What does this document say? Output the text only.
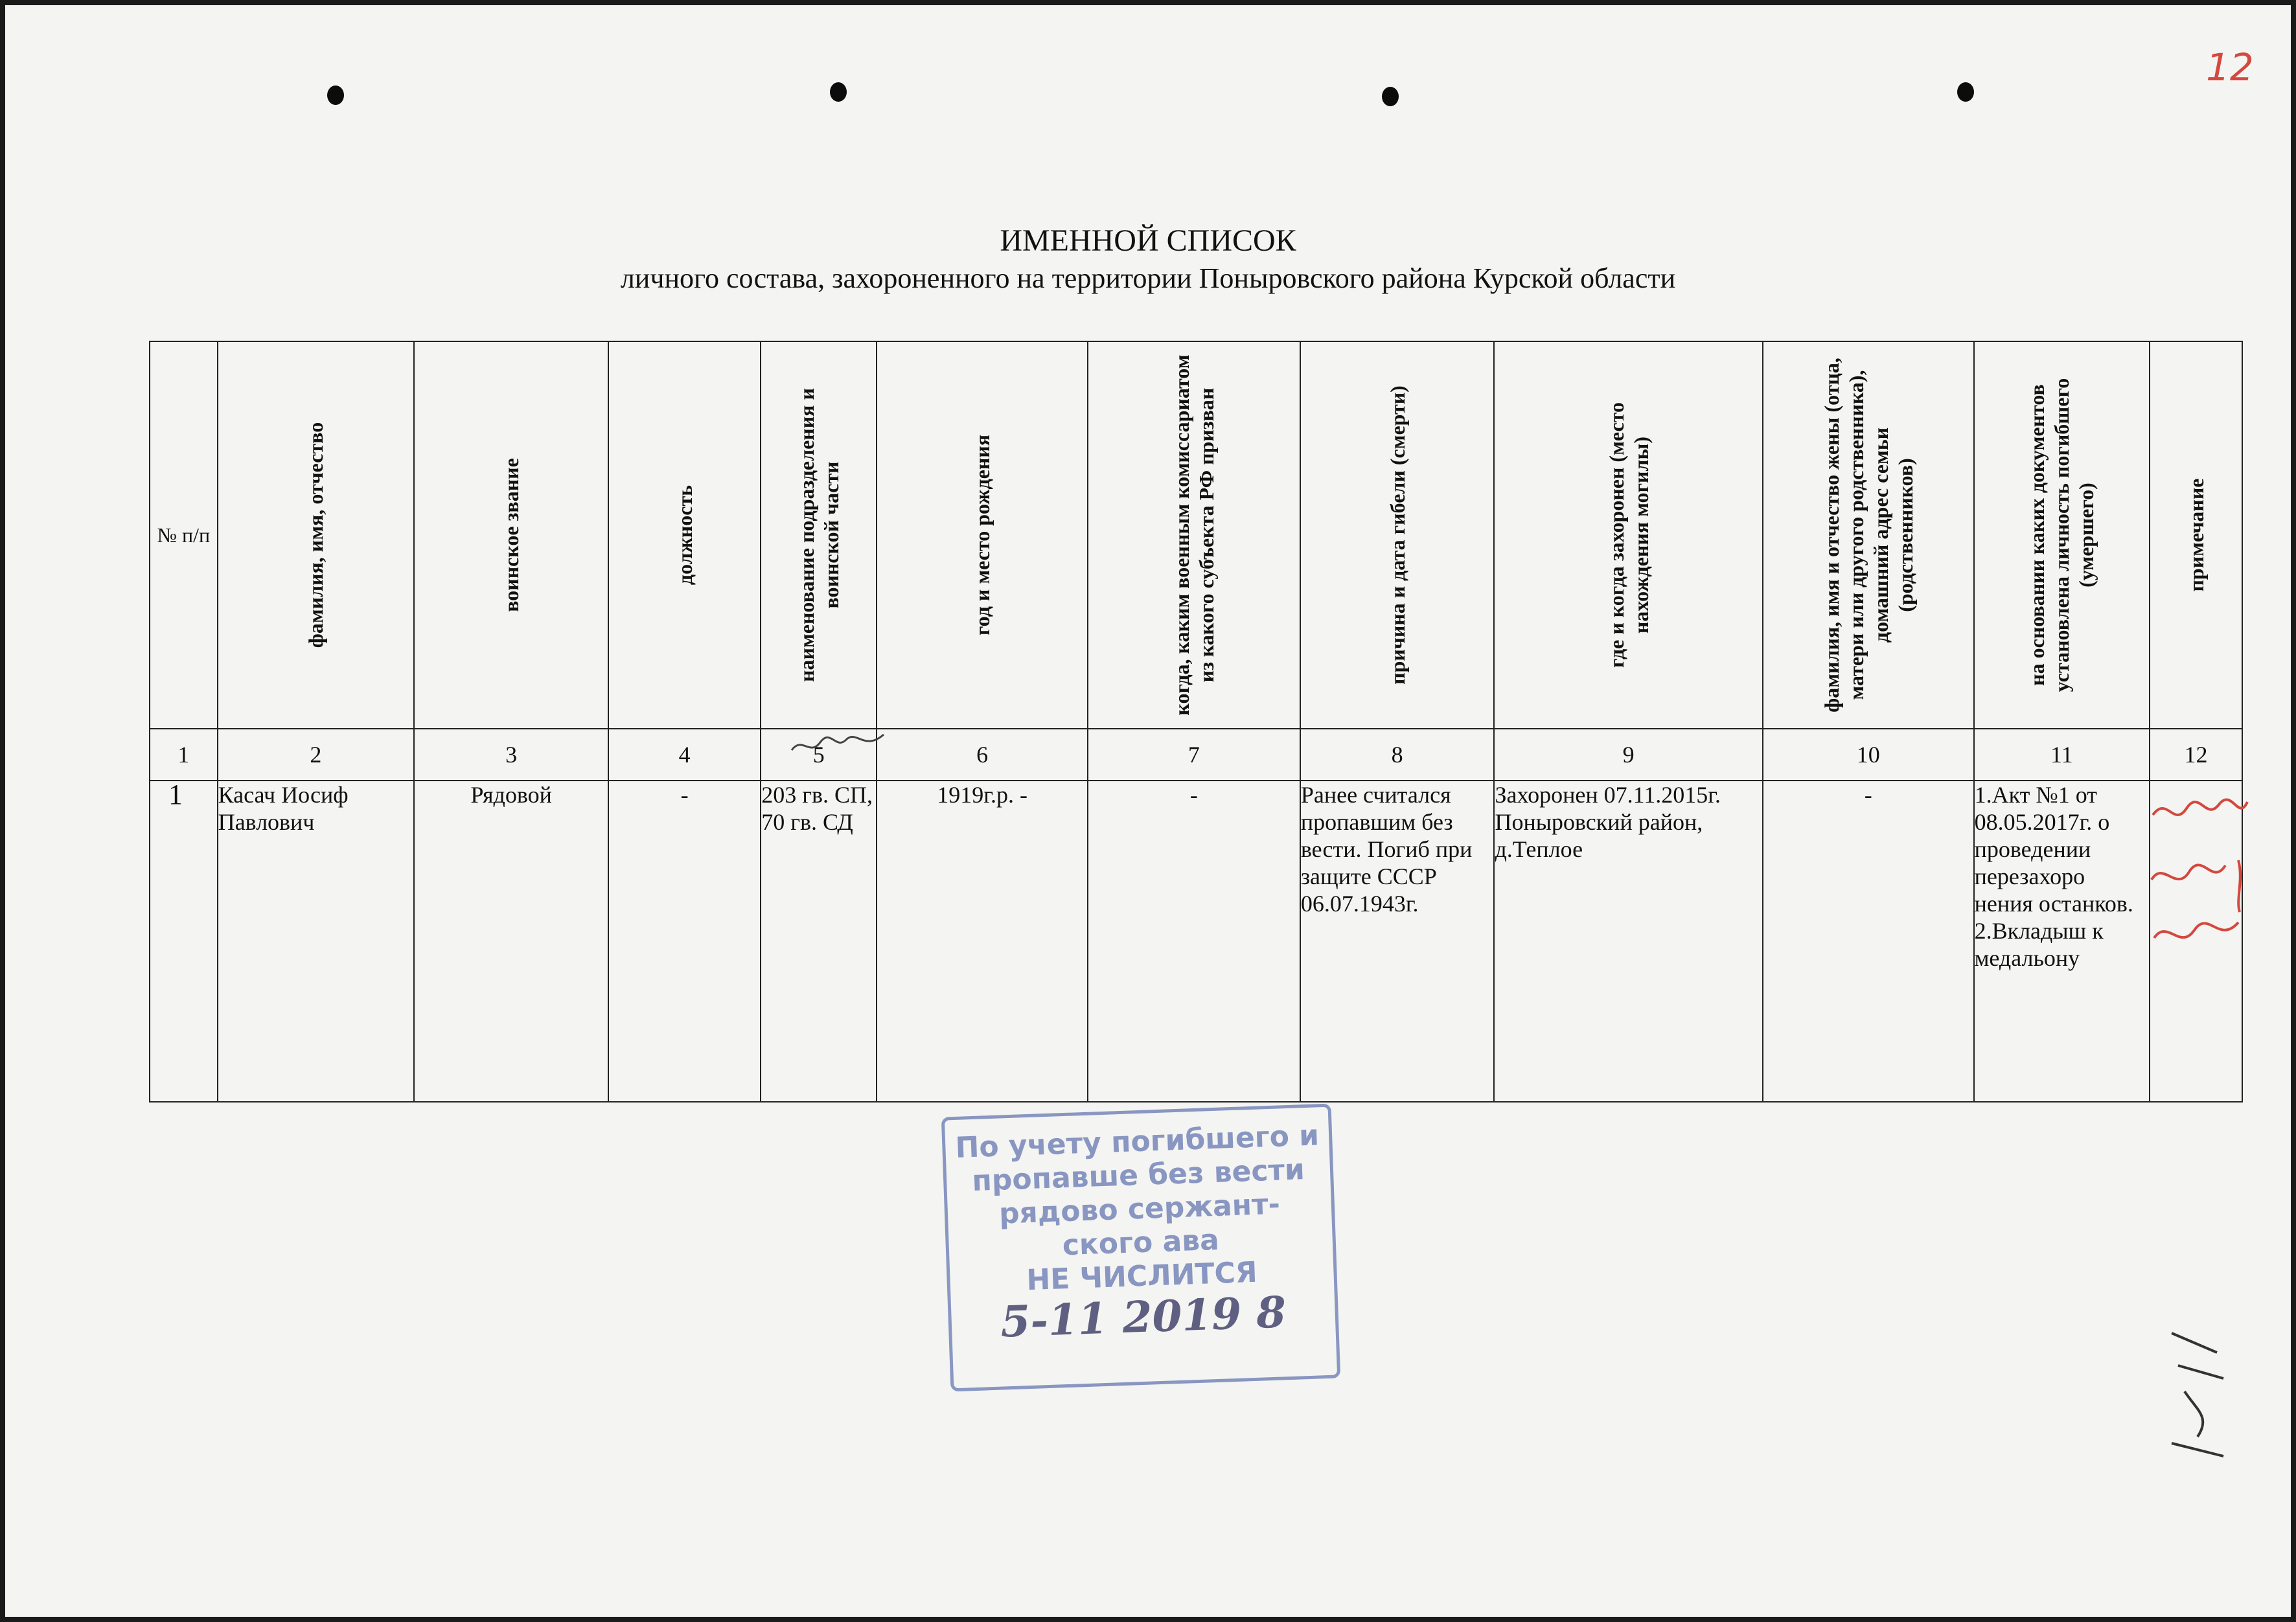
12
ИМЕННОЙ СПИСОК
личного состава, захороненного на территории Поныровского района Курской области
№ п/п	фамилия, имя, отчество	воинское звание	должность	наименование подразделения и воинской части	год и место рождения	когда, каким военным комиссариатом из какого субъекта РФ призван	причина и дата гибели (смерти)	где и когда захоронен (место нахождения могилы)	фамилия, имя и отчество жены (отца, матери или другого родственника), домашний адрес семьи (родственников)	на основании каких документов установлена личность погибшего (умершего)	примечание

1	2	3	4	5	6	7	8	9	10	11	12
1	Касач Иосиф Павлович	Рядовой	-	203 гв. СП, 70 гв. СД	1919г.р. -	-	Ранее считался пропавшим без вести. Погиб при защите СССР 06.07.1943г.	Захоронен 07.11.2015г. Поныровский район, д.Теплое	-	1.Акт №1 от 08.05.2017г. о проведении перезахоро нения останков. 2.Вкладыш к медальону	
По учету погибшего и
пропавше без вести
рядово сержант-
ского ава
НЕ ЧИСЛИТСЯ
5-11 2019 8
